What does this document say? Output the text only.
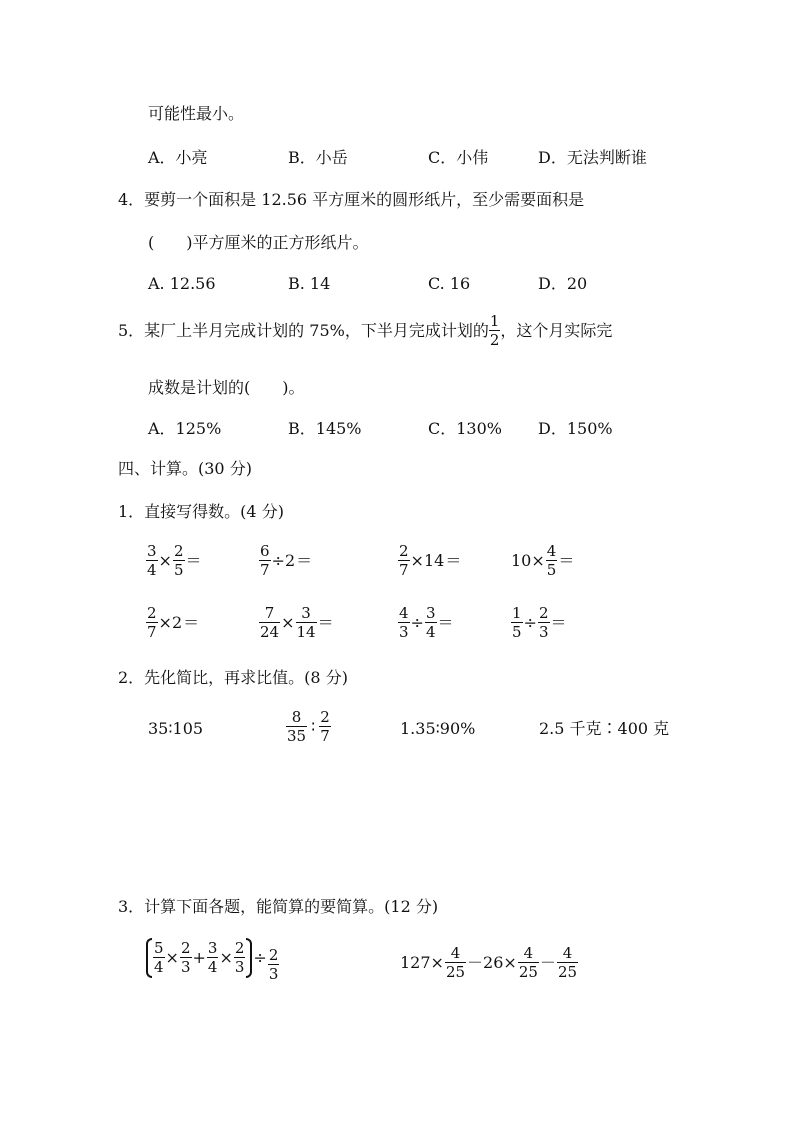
可能性最小。
A．小亮	B．小岳	C．小伟	D．无法判断谁
4．要剪一个面积是 12.56 平方厘米的圆形纸片，至少需要面积是
(　　)平方厘米的正方形纸片。
A. 12.56	B. 14	C. 16	D．20
5．某厂上半月完成计划的 75%，下半月完成计划的 $\frac{1}{2}$ ，这个月实际完
成数是计划的(　　)。
A．125%	B．145%	C．130% D．150%
四、计算。(30 分)
1．直接写得数。(4 分)
$\frac{3}{4} \times \frac{2}{5}$ ＝	$\frac{6}{7} \div 2$ ＝	$\frac{2}{7} \times 14$ ＝	$10\times \frac{4}{5}$ ＝
$\frac{2}{7} \times 2$ ＝	$\frac{7}{24} \times \frac{3}{14}$ ＝	$\frac{4}{3} \div \frac{3}{4}$ ＝	$\frac{1}{5} \div \frac{2}{3}$ ＝
2．先化简比，再求比值。(8 分)
35∶105	$\frac{8}{35}$ ∶ $\frac{2}{7}$	1.35∶90%	2.5 千克∶400 克
3．计算下面各题，能简算的要简算。(12 分)
$\frac{5}{4} \times \frac{2}{3} + \frac{3}{4} \times \frac{2}{3} \div \frac{2}{3}$	$127\times \frac{4}{25} -26\times \frac{4}{25} - \frac{4}{25}$
